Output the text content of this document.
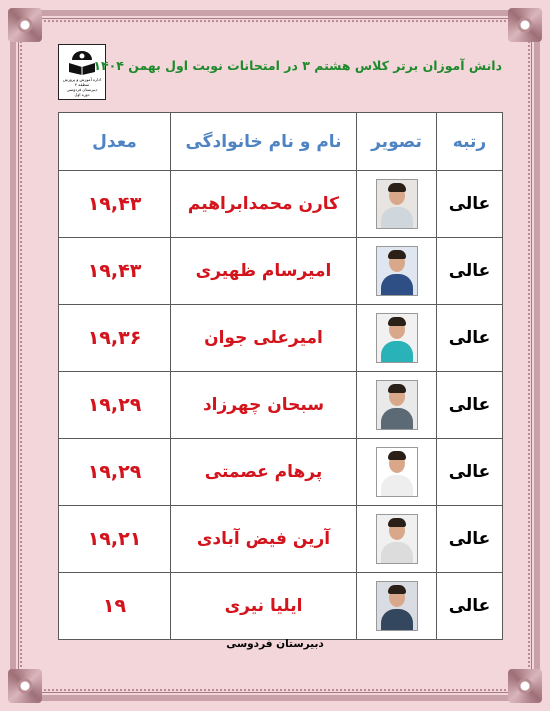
اداره آموزش و پرورش منطقه ۴
دبیرستان فردوسی
دوره اول
دانش آموزان برتر کلاس هشتم ۳ در امتحانات نوبت اول بهمن ۱۴۰۴
رتبه	تصویر	نام و نام خانوادگی	معدل
عالی		کارن محمدابراهیم	۱۹,۴۳
عالی		امیرسام ظهیری	۱۹,۴۳
عالی		امیرعلی جوان	۱۹,۳۶
عالی		سبحان چهرزاد	۱۹,۲۹
عالی		پرهام عصمتی	۱۹,۲۹
عالی		آرین فیض آبادی	۱۹,۲۱
عالی		ایلیا نیری	۱۹
دبیرستان فردوسی
